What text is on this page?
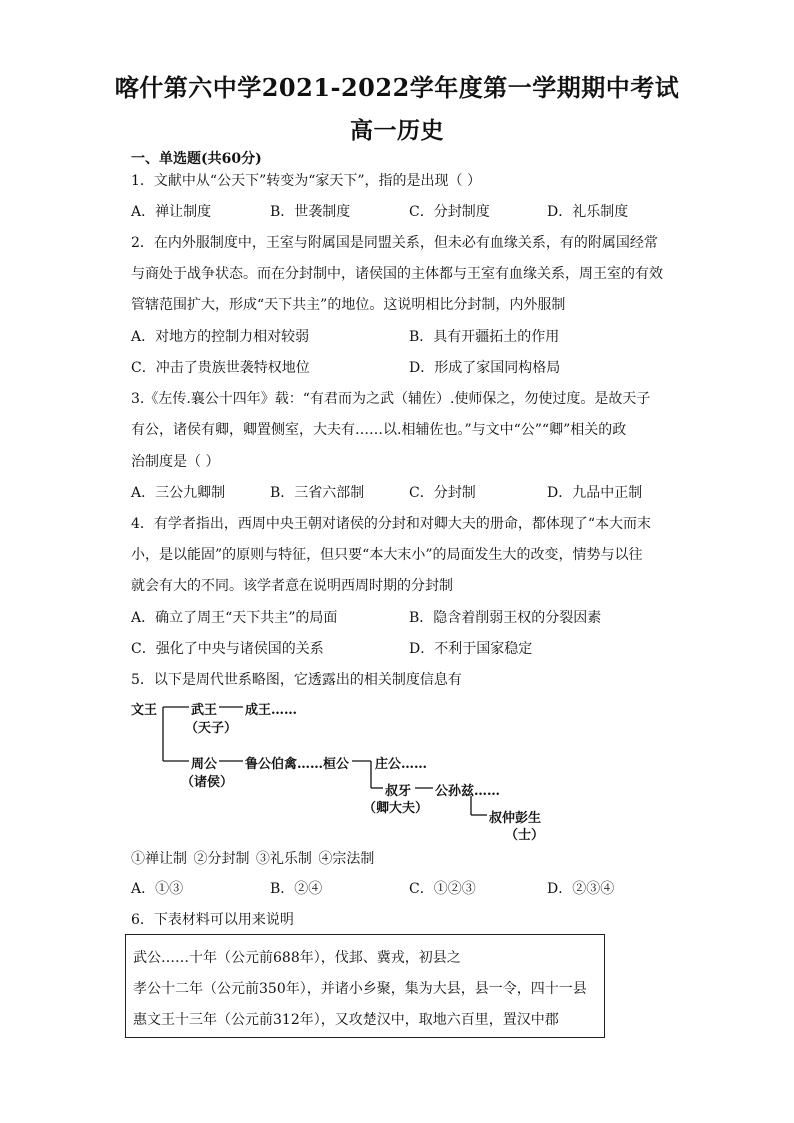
喀什第六中学2021-2022学年度第一学期期中考试
高一历史
一、单选题(共60分)
1．文献中从“公天下”转变为“家天下”，指的是出现（ ）
A．禅让制度	B．世袭制度	C．分封制度	D．礼乐制度
2．在内外服制度中，王室与附属国是同盟关系，但未必有血缘关系，有的附属国经常
与商处于战争状态。而在分封制中，诸侯国的主体都与王室有血缘关系，周王室的有效
管辖范围扩大，形成“天下共主”的地位。这说明相比分封制，内外服制
A．对地方的控制力相对较弱	B．具有开疆拓土的作用
C．冲击了贵族世袭特权地位	D．形成了家国同构格局
3.《左传.襄公十四年》载：“有君而为之武（辅佐）.使师保之，勿使过度。是故天子
有公，诸侯有卿，卿置侧室，大夫有……以.相辅佐也。”与文中“公”“卿”相关的政
治制度是（ ）
A．三公九卿制	B．三省六部制	C．分封制	D．九品中正制
4．有学者指出，西周中央王朝对诸侯的分封和对卿大夫的册命，都体现了“本大而末
小，是以能固”的原则与特征，但只要“本大末小”的局面发生大的改变，情势与以往
就会有大的不同。该学者意在说明西周时期的分封制
A．确立了周王“天下共主”的局面	B．隐含着削弱王权的分裂因素
C．强化了中央与诸侯国的关系	D．不利于国家稳定
5．以下是周代世系略图，它透露出的相关制度信息有
文王	武王 成王……
（天子）
周公 鲁公伯禽……桓公
（诸侯）
庄公……
叔牙 公孙兹……
（卿大夫）
叔仲彭生
（士）
①禅让制 ②分封制 ③礼乐制 ④宗法制
A．①③	B．②④	C．①②③	D．②③④
6．下表材料可以用来说明
武公……十年（公元前688年），伐邽、冀戎，初县之
孝公十二年（公元前350年），并诸小乡聚，集为大县，县一令，四十一县
惠文王十三年（公元前312年），又攻楚汉中，取地六百里，置汉中郡
